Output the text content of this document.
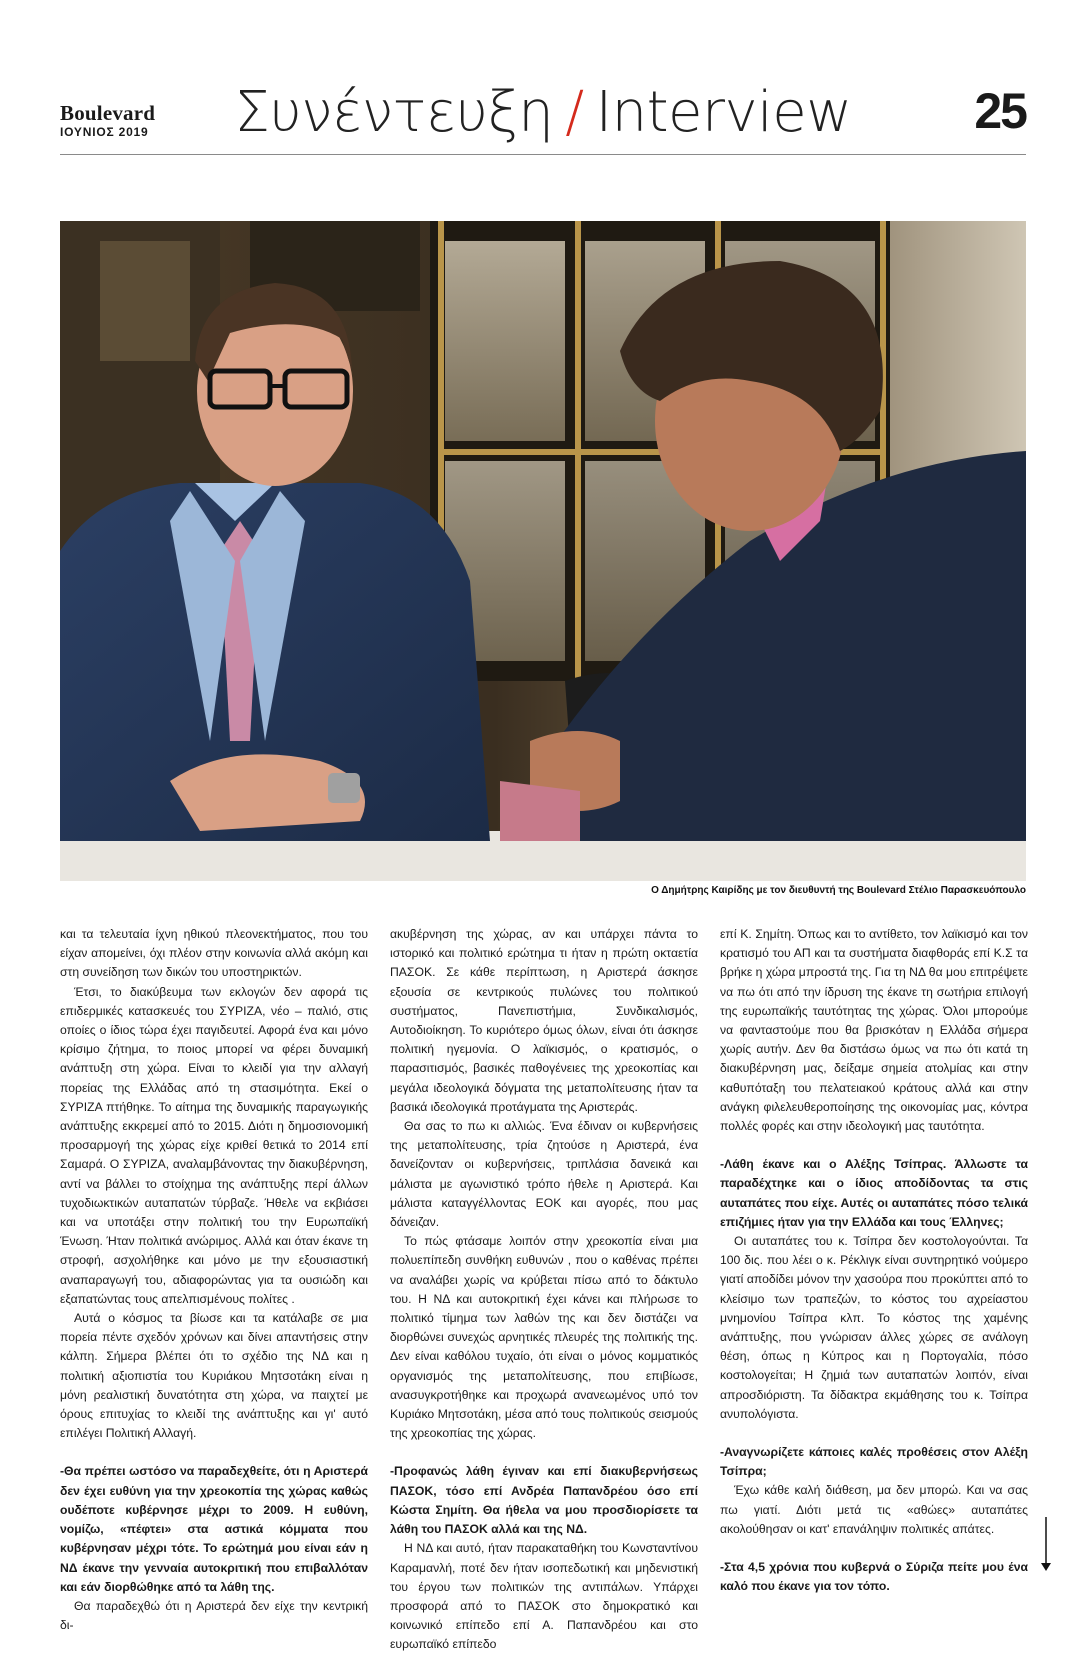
Boulevard
ΙΟΥΝΙΟΣ 2019	Συνέντευξη / Interview	25
Ο Δημήτρης Καιρίδης με τον διευθυντή της Boulevard Στέλιο Παρασκευόπουλο

και τα τελευταία ίχνη ηθικού πλεονεκτήματος, που του είχαν απομείνει, όχι πλέον στην κοινωνία αλλά ακόμη και στη συνείδηση των δικών του υποστηρικτών.

Έτσι, το διακύβευμα των εκλογών δεν αφορά τις επιδερμικές κατασκευές του ΣΥΡΙΖΑ, νέο – παλιό, στις οποίες ο ίδιος τώρα έχει παγιδευτεί. Αφορά ένα και μόνο κρίσιμο ζήτημα, το ποιος μπορεί να φέρει δυναμική ανάπτυξη στη χώρα. Είναι το κλειδί για την αλλαγή πορείας της Ελλάδας από τη στασιμότητα. Εκεί ο ΣΥΡΙΖΑ πτήθηκε. Το αίτημα της δυναμικής παραγωγικής ανάπτυξης εκκρεμεί από το 2015. Διότι η δημοσιονομική προσαρμογή της χώρας είχε κριθεί θετικά το 2014 επί Σαμαρά. Ο ΣΥΡΙΖΑ, αναλαμβάνοντας την διακυβέρνηση, αντί να βάλλει το στοίχημα της ανάπτυξης περί άλλων τυχοδιωκτικών αυταπατών τύρβαζε. Ήθελε να εκβιάσει και να υποτάξει στην πολιτική του την Ευρωπαϊκή Ένωση. Ήταν πολιτικά ανώριμος. Αλλά και όταν έκανε τη στροφή, ασχολήθηκε και μόνο με την εξουσιαστική αναπαραγωγή του, αδιαφορώντας για τα ουσιώδη και εξαπατώντας τους απελπισμένους πολίτες .

Αυτά ο κόσμος τα βίωσε και τα κατάλαβε σε μια πορεία πέντε σχεδόν χρόνων και δίνει απαντήσεις στην κάλπη. Σήμερα βλέπει ότι το σχέδιο της ΝΔ και η πολιτική αξιοπιστία του Κυριάκου Μητσοτάκη είναι η μόνη ρεαλιστική δυνατότητα στη χώρα, να παιχτεί με όρους επιτυχίας το κλειδί της ανάπτυξης και γι' αυτό επιλέγει Πολιτική Αλλαγή.

-Θα πρέπει ωστόσο να παραδεχθείτε, ότι η Αριστερά δεν έχει ευθύνη για την χρεοκοπία της χώρας καθώς ουδέποτε κυβέρνησε μέχρι το 2009. Η ευθύνη, νομίζω, «πέφτει» στα αστικά κόμματα που κυβέρνησαν μέχρι τότε. Το ερώτημά μου είναι εάν η ΝΔ έκανε την γενναία αυτοκριτική που επιβαλλόταν και εάν διορθώθηκε από τα λάθη της.

Θα παραδεχθώ ότι η Αριστερά δεν είχε την κεντρική δι-

ακυβέρνηση της χώρας, αν και υπάρχει πάντα το ιστορικό και πολιτικό ερώτημα τι ήταν η πρώτη οκταετία ΠΑΣΟΚ. Σε κάθε περίπτωση, η Αριστερά άσκησε εξουσία σε κεντρικούς πυλώνες του πολιτικού συστήματος, Πανεπιστήμια, Συνδικαλισμός, Αυτοδιοίκηση. Το κυριότερο όμως όλων, είναι ότι άσκησε πολιτική ηγεμονία. Ο λαϊκισμός, ο κρατισμός, ο παρασιτισμός, βασικές παθογένειες της χρεοκοπίας και μεγάλα ιδεολογικά δόγματα της μεταπολίτευσης ήταν τα βασικά ιδεολογικά προτάγματα της Αριστεράς.

Θα σας το πω κι αλλιώς. Ένα έδιναν οι κυβερνήσεις της μεταπολίτευσης, τρία ζητούσε η Αριστερά, ένα δανείζονταν οι κυβερνήσεις, τριπλάσια δανεικά και μάλιστα με αγωνιστικό τρόπο ήθελε η Αριστερά. Και μάλιστα καταγγέλλοντας ΕΟΚ και αγορές, που μας δάνειζαν.

Το πώς φτάσαμε λοιπόν στην χρεοκοπία είναι μια πολυεπίπεδη συνθήκη ευθυνών , που ο καθένας πρέπει να αναλάβει χωρίς να κρύβεται πίσω από το δάκτυλο του. Η ΝΔ και αυτοκριτική έχει κάνει και πλήρωσε το πολιτικό τίμημα των λαθών της και δεν διστάζει να διορθώνει συνεχώς αρνητικές πλευρές της πολιτικής της. Δεν είναι καθόλου τυχαίο, ότι είναι ο μόνος κομματικός οργανισμός της μεταπολίτευσης, που επιβίωσε, ανασυγκροτήθηκε και προχωρά ανανεωμένος υπό τον Κυριάκο Μητσοτάκη, μέσα από τους πολιτικούς σεισμούς της χρεοκοπίας της χώρας.

-Προφανώς λάθη έγιναν και επί διακυβερνήσεως ΠΑΣΟΚ, τόσο επί Ανδρέα Παπανδρέου όσο επί Κώστα Σημίτη. Θα ήθελα να μου προσδιορίσετε τα λάθη του ΠΑΣΟΚ αλλά και της ΝΔ.

Η ΝΔ και αυτό, ήταν παρακαταθήκη του Κωνσταντίνου Καραμανλή, ποτέ δεν ήταν ισοπεδωτική και μηδενιστική του έργου των πολιτικών της αντιπάλων. Υπάρχει προσφορά από το ΠΑΣΟΚ στο δημοκρατικό και κοινωνικό επίπεδο επί Α. Παπανδρέου και στο ευρωπαϊκό επίπεδο

επί Κ. Σημίτη. Όπως και το αντίθετο, τον λαϊκισμό και τον κρατισμό του ΑΠ και τα συστήματα διαφθοράς επί Κ.Σ τα βρήκε η χώρα μπροστά της. Για τη ΝΔ θα μου επιτρέψετε να πω ότι από την ίδρυση της έκανε τη σωτήρια επιλογή της ευρωπαϊκής ταυτότητας της χώρας. Όλοι μπορούμε να φανταστούμε που θα βρισκόταν η Ελλάδα σήμερα χωρίς αυτήν. Δεν θα διστάσω όμως να πω ότι κατά τη διακυβέρνηση μας, δείξαμε σημεία ατολμίας και στην καθυπόταξη του πελατειακού κράτους αλλά και στην ανάγκη φιλελευθεροποίησης της οικονομίας μας, κόντρα πολλές φορές και στην ιδεολογική μας ταυτότητα.

-Λάθη έκανε και ο Αλέξης Τσίπρας. Άλλωστε τα παραδέχτηκε και ο ίδιος αποδίδοντας τα στις αυταπάτες που είχε. Αυτές οι αυταπάτες πόσο τελικά επιζήμιες ήταν για την Ελλάδα και τους Έλληνες;

Οι αυταπάτες του κ. Τσίπρα δεν κοστολογούνται. Τα 100 δις. που λέει ο κ. Ρέκλιγκ είναι συντηρητικό νούμερο γιατί αποδίδει μόνον την χασούρα που προκύπτει από το κλείσιμο των τραπεζών, το κόστος του αχρείαστου μνημονίου Τσίπρα κλπ. Το κόστος της χαμένης ανάπτυξης, που γνώρισαν άλλες χώρες σε ανάλογη θέση, όπως η Κύπρος και η Πορτογαλία, πόσο κοστολογείται; Η ζημιά των αυταπατών λοιπόν, είναι απροσδιόριστη. Τα δίδακτρα εκμάθησης του κ. Τσίπρα ανυπολόγιστα.

-Αναγνωρίζετε κάποιες καλές προθέσεις στον Αλέξη Τσίπρα;

Έχω κάθε καλή διάθεση, μα δεν μπορώ. Και να σας πω γιατί. Διότι μετά τις «αθώες» αυταπάτες ακολούθησαν οι κατ' επανάληψιν πολιτικές απάτες.

-Στα 4,5 χρόνια που κυβερνά ο Σύριζα πείτε μου ένα καλό που έκανε για τον τόπο.
